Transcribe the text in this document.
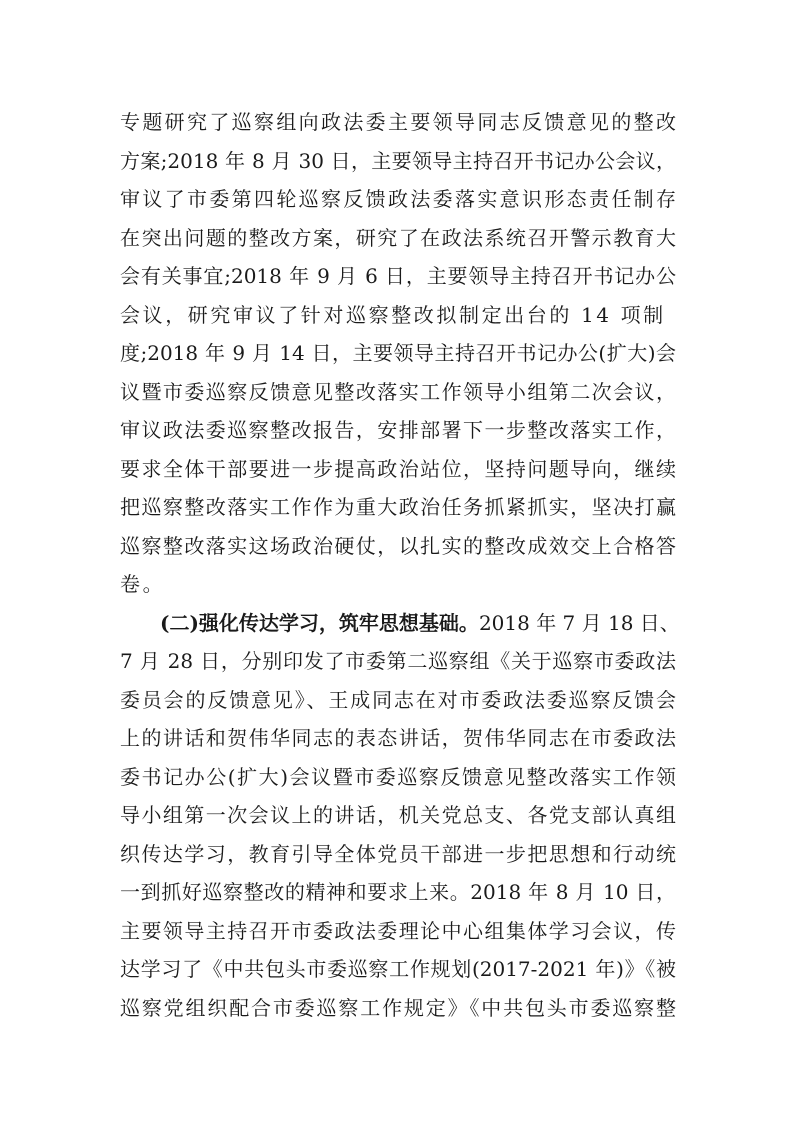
专题研究了巡察组向政法委主要领导同志反馈意见的整改
方案;2018 年 8 月 30 日，主要领导主持召开书记办公会议，
审议了市委第四轮巡察反馈政法委落实意识形态责任制存
在突出问题的整改方案，研究了在政法系统召开警示教育大
会有关事宜;2018 年 9 月 6 日，主要领导主持召开书记办公
会议，研究审议了针对巡察整改拟制定出台的 14 项制
度;2018 年 9 月 14 日，主要领导主持召开书记办公(扩大)会
议暨市委巡察反馈意见整改落实工作领导小组第二次会议，
审议政法委巡察整改报告，安排部署下一步整改落实工作，
要求全体干部要进一步提高政治站位，坚持问题导向，继续
把巡察整改落实工作作为重大政治任务抓紧抓实，坚决打赢
巡察整改落实这场政治硬仗，以扎实的整改成效交上合格答
卷。
(二)强化传达学习，筑牢思想基础。2018 年 7 月 18 日、
7 月 28 日，分别印发了市委第二巡察组《关于巡察市委政法
委员会的反馈意见》、王成同志在对市委政法委巡察反馈会
上的讲话和贺伟华同志的表态讲话，贺伟华同志在市委政法
委书记办公(扩大)会议暨市委巡察反馈意见整改落实工作领
导小组第一次会议上的讲话，机关党总支、各党支部认真组
织传达学习，教育引导全体党员干部进一步把思想和行动统
一到抓好巡察整改的精神和要求上来。2018 年 8 月 10 日，
主要领导主持召开市委政法委理论中心组集体学习会议，传
达学习了《中共包头市委巡察工作规划(2017-2021 年)》《被
巡察党组织配合市委巡察工作规定》《中共包头市委巡察整
